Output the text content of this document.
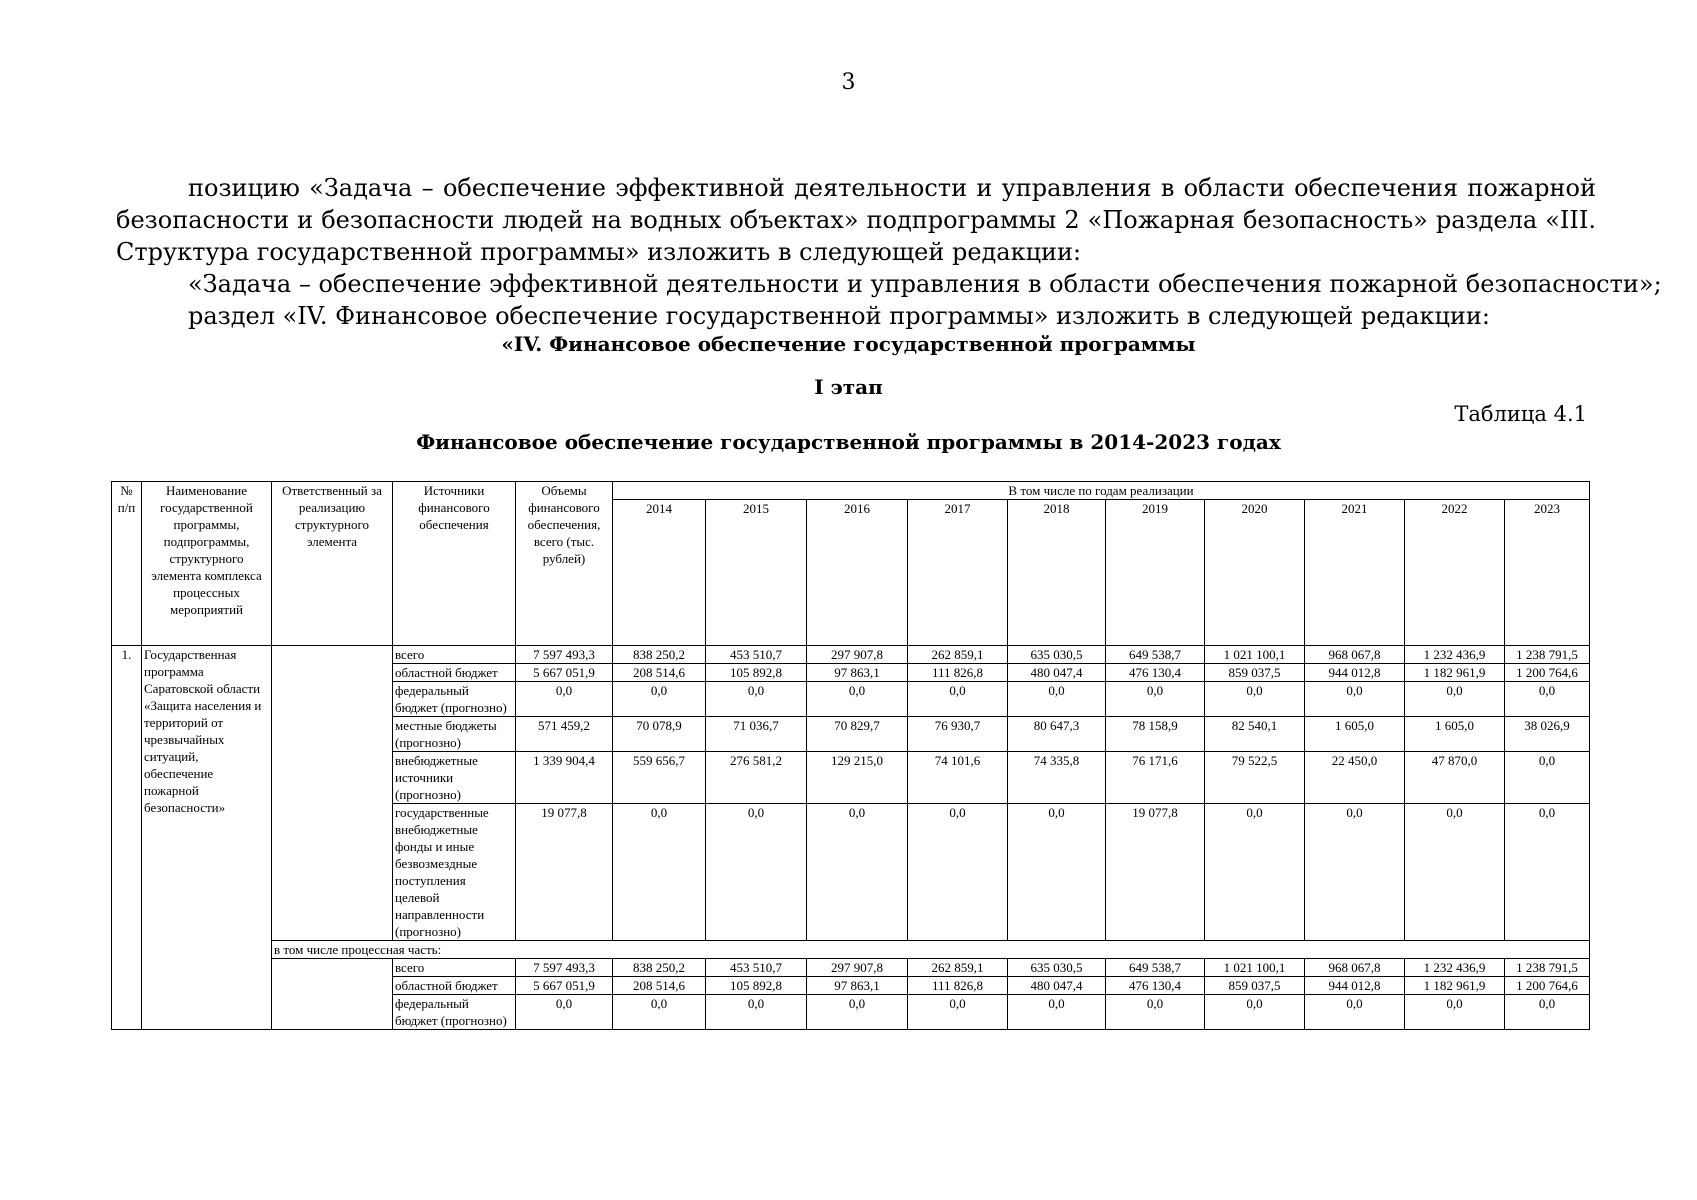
3
позицию «Задача – обеспечение эффективной деятельности и управления в области обеспечения пожарной безопасности и безопасности людей на водных объектах» подпрограммы 2 «Пожарная безопасность» раздела «III. Структура государственной программы» изложить в следующей редакции:
«Задача – обеспечение эффективной деятельности и управления в области обеспечения пожарной безопасности»;
раздел «IV. Финансовое обеспечение государственной программы» изложить в следующей редакции:
«IV. Финансовое обеспечение государственной программы
I этап
Таблица 4.1
Финансовое обеспечение государственной программы в 2014-2023 годах
№ п/п	Наименование государственной программы, подпрограммы, структурного элемента комплекса процессных мероприятий	Ответственный за реализацию структурного элемента	Источники финансового обеспечения	Объемы финансового обеспечения, всего (тыс. рублей)	В том числе по годам реализации									
					2014	2015	2016	2017	2018	2019	2020	2021	2022	2023
1.	Государственная программа Саратовской области «Защита населения и территорий от чрезвычайных ситуаций, обеспечение пожарной безопасности»		всего	7 597 493,3	838 250,2	453 510,7	297 907,8	262 859,1	635 030,5	649 538,7	1 021 100,1	968 067,8	1 232 436,9	1 238 791,5
			областной бюджет	5 667 051,9	208 514,6	105 892,8	97 863,1	111 826,8	480 047,4	476 130,4	859 037,5	944 012,8	1 182 961,9	1 200 764,6
			федеральный бюджет (прогнозно)	0,0	0,0	0,0	0,0	0,0	0,0	0,0	0,0	0,0	0,0	0,0
			местные бюджеты (прогнозно)	571 459,2	70 078,9	71 036,7	70 829,7	76 930,7	80 647,3	78 158,9	82 540,1	1 605,0	1 605,0	38 026,9
			внебюджетные источники (прогнозно)	1 339 904,4	559 656,7	276 581,2	129 215,0	74 101,6	74 335,8	76 171,6	79 522,5	22 450,0	47 870,0	0,0
			государственные внебюджетные фонды и иные безвозмездные поступления целевой направленности (прогнозно)	19 077,8	0,0	0,0	0,0	0,0	0,0	19 077,8	0,0	0,0	0,0	0,0
		в том числе процессная часть:												
			всего	7 597 493,3	838 250,2	453 510,7	297 907,8	262 859,1	635 030,5	649 538,7	1 021 100,1	968 067,8	1 232 436,9	1 238 791,5
			областной бюджет	5 667 051,9	208 514,6	105 892,8	97 863,1	111 826,8	480 047,4	476 130,4	859 037,5	944 012,8	1 182 961,9	1 200 764,6
			федеральный бюджет (прогнозно)	0,0	0,0	0,0	0,0	0,0	0,0	0,0	0,0	0,0	0,0	0,0
